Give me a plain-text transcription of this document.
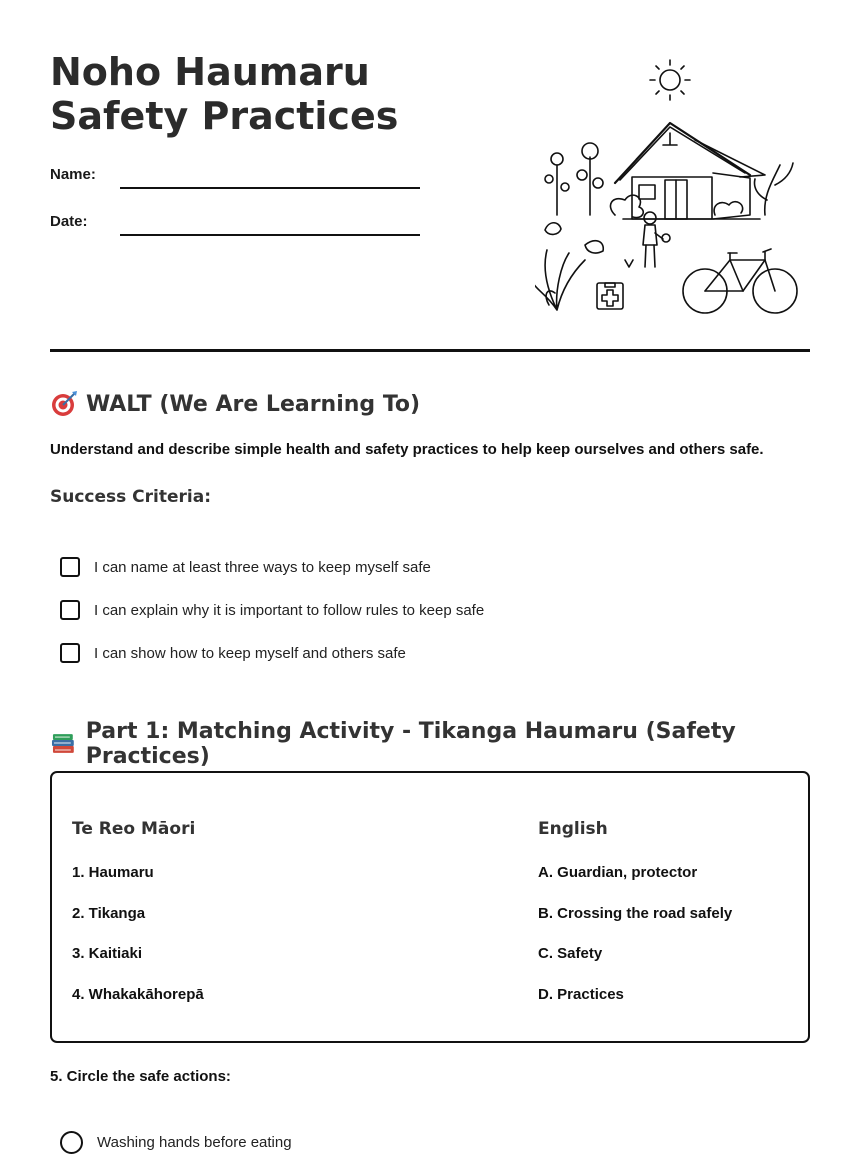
Noho Haumaru Safety Practices
Name:
Date:
WALT (We Are Learning To)
Understand and describe simple health and safety practices to help keep ourselves and others safe.
Success Criteria:
I can name at least three ways to keep myself safe
I can explain why it is important to follow rules to keep safe
I can show how to keep myself and others safe
Part 1: Matching Activity - Tikanga Haumaru (Safety Practices)
Te Reo Māori
1. Haumaru
2. Tikanga
3. Kaitiaki
4. Whakakāhorepā
English
A. Guardian, protector
B. Crossing the road safely
C. Safety
D. Practices
5. Circle the safe actions:
Washing hands before eating
